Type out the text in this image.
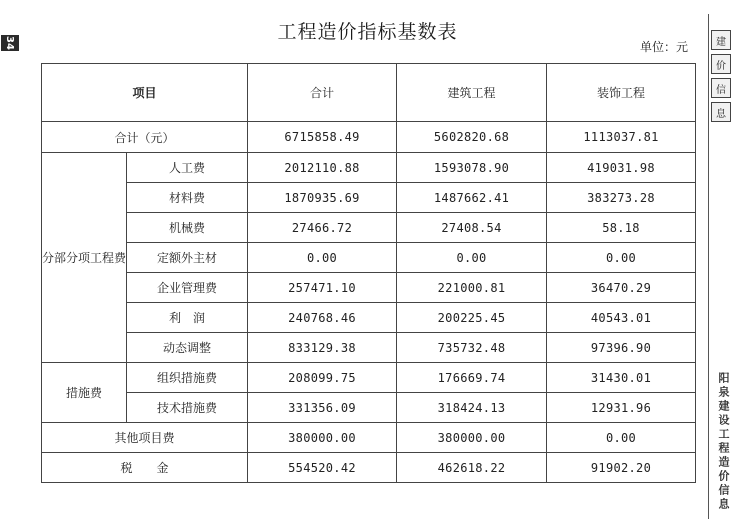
34	工程造价指标基数表
单位：元
项目		合计	建筑工程	装饰工程
合计（元）		6715858.49	5602820.68	1113037.81
分部分项工程费	人工费	2012110.88	1593078.90	419031.98
	材料费	1870935.69	1487662.41	383273.28
	机械费	27466.72	27408.54	58.18
	定额外主材	0.00	0.00	0.00
	企业管理费	257471.10	221000.81	36470.29
	利　润	240768.46	200225.45	40543.01
	动态调整	833129.38	735732.48	97396.90
措施费	组织措施费	208099.75	176669.74	31430.01
	技术措施费	331356.09	318424.13	12931.96
其他项目费		380000.00	380000.00	0.00
税　　金		554520.42	462618.22	91902.20
建
价
信
息
阳泉建设工程造价信息
